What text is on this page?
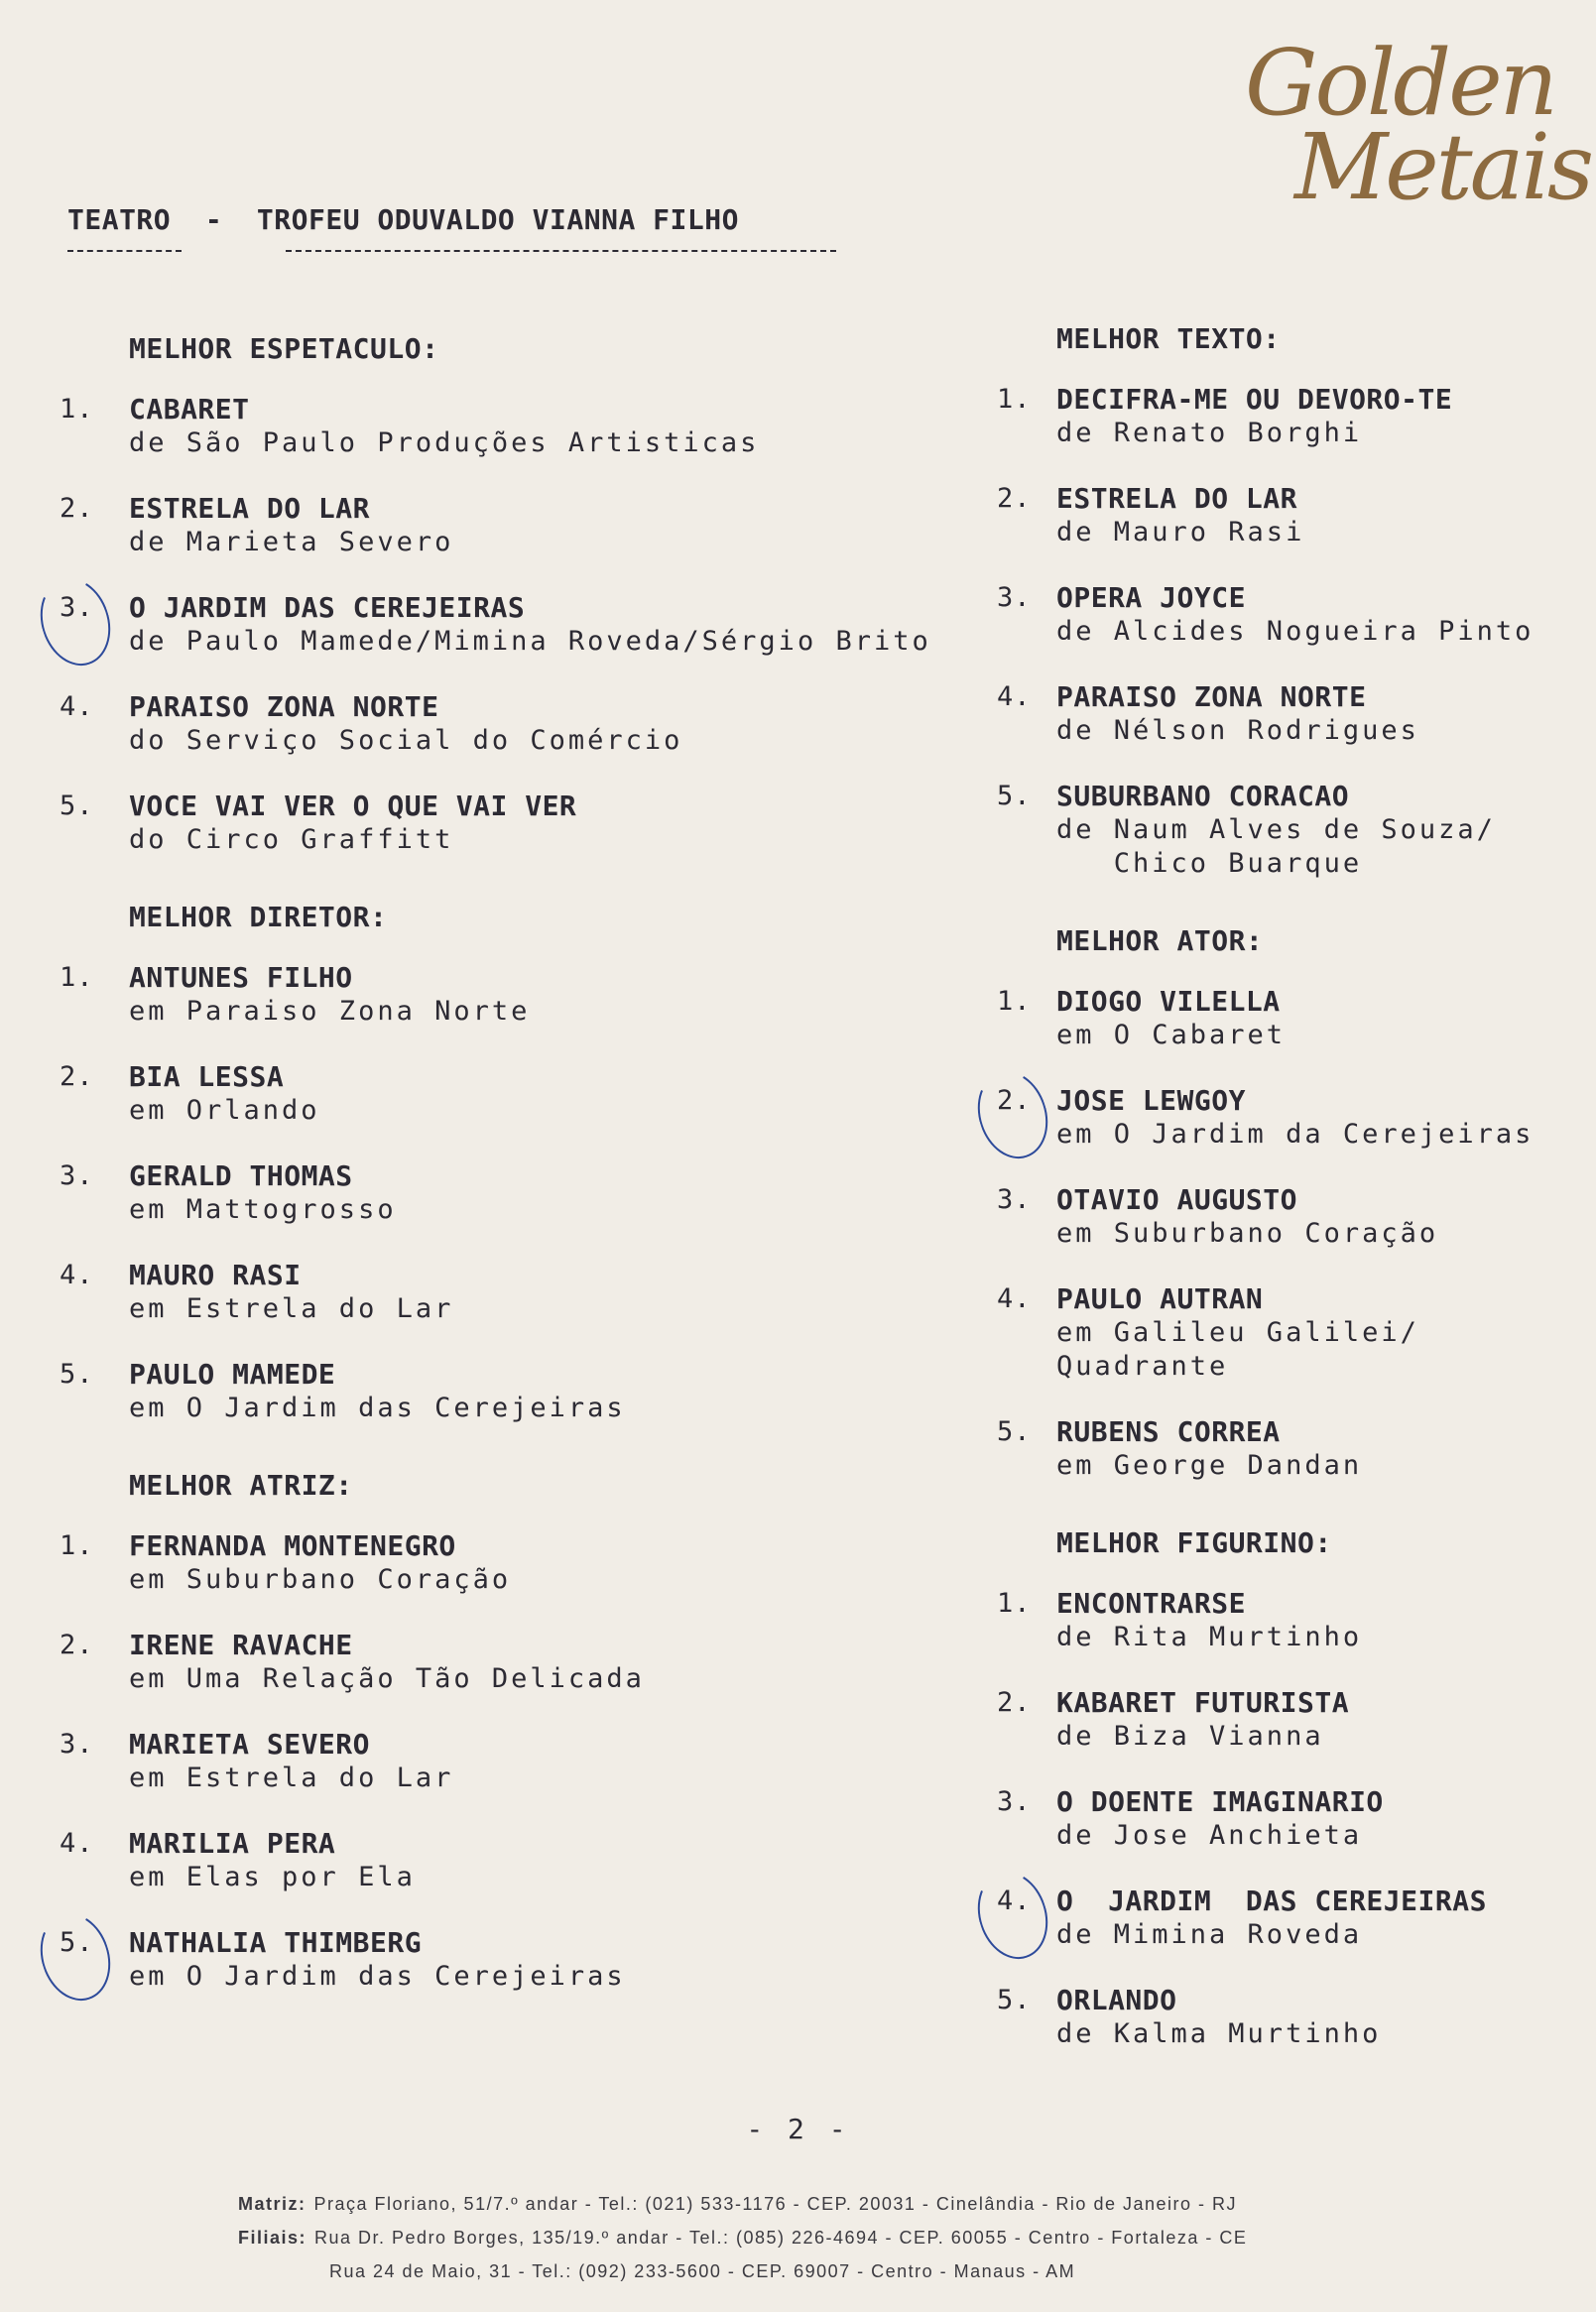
Golden
Metais
TEATRO  -  TROFEU ODUVALDO VIANNA FILHO
MELHOR ESPETACULO:
1.	CABARET
de São Paulo Produções Artisticas
2.	ESTRELA DO LAR
de Marieta Severo
3.	O JARDIM DAS CEREJEIRAS
de Paulo Mamede/Mimina Roveda/Sérgio Brito
4.	PARAISO ZONA NORTE
do Serviço Social do Comércio
5.	VOCE VAI VER O QUE VAI VER
do Circo Graffitt
MELHOR DIRETOR:
1.	ANTUNES FILHO
em Paraiso Zona Norte
2.	BIA LESSA
em Orlando
3.	GERALD THOMAS
em Mattogrosso
4.	MAURO RASI
em Estrela do Lar
5.	PAULO MAMEDE
em O Jardim das Cerejeiras
MELHOR ATRIZ:
1.	FERNANDA MONTENEGRO
em Suburbano Coração
2.	IRENE RAVACHE
em Uma Relação Tão Delicada
3.	MARIETA SEVERO
em Estrela do Lar
4.	MARILIA PERA
em Elas por Ela
5.	NATHALIA THIMBERG
em O Jardim das Cerejeiras
MELHOR TEXTO:
1. DECIFRA-ME OU DEVORO-TE
de Renato Borghi
2. ESTRELA DO LAR
de Mauro Rasi
3. OPERA JOYCE
de Alcides Nogueira Pinto
4. PARAISO ZONA NORTE
de Nélson Rodrigues
5. SUBURBANO CORACAO
de Naum Alves de Souza/
Chico Buarque
MELHOR ATOR:
1. DIOGO VILELLA
em O Cabaret
2. JOSE LEWGOY
em O Jardim da Cerejeiras
3. OTAVIO AUGUSTO
em Suburbano Coração
4. PAULO AUTRAN
em Galileu Galilei/
Quadrante
5. RUBENS CORREA
em George Dandan
MELHOR FIGURINO:
1. ENCONTRARSE
de Rita Murtinho
2. KABARET FUTURISTA
de Biza Vianna
3. O DOENTE IMAGINARIO
de Jose Anchieta
4. O  JARDIM  DAS CEREJEIRAS
de Mimina Roveda
5. ORLANDO
de Kalma Murtinho
- 2 -
Matriz: Praça Floriano, 51/7.º andar - Tel.: (021) 533-1176 - CEP. 20031 - Cinelândia - Rio de Janeiro - RJ
Filiais: Rua Dr. Pedro Borges, 135/19.º andar - Tel.: (085) 226-4694 - CEP. 60055 - Centro - Fortaleza - CE
Rua 24 de Maio, 31 - Tel.: (092) 233-5600 - CEP. 69007 - Centro - Manaus - AM
